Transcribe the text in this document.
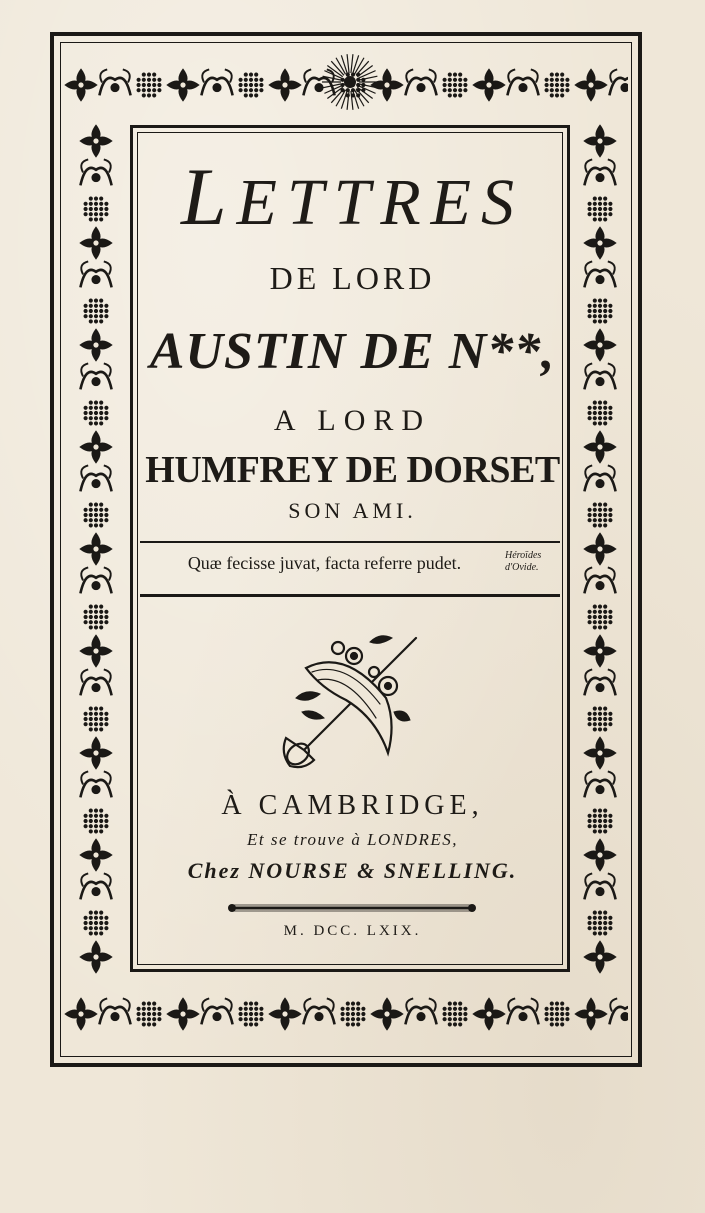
LETTRES
DE LORD
AUSTIN DE N**,
A LORD
HUMFREY DE DORSET
SON AMI.
Quæ fecisse juvat, facta referre pudet.	Héroïdes
d'Ovide.
À CAMBRIDGE,
Et se trouve à LONDRES,
Chez NOURSE & SNELLING.
M. DCC. LXIX.
